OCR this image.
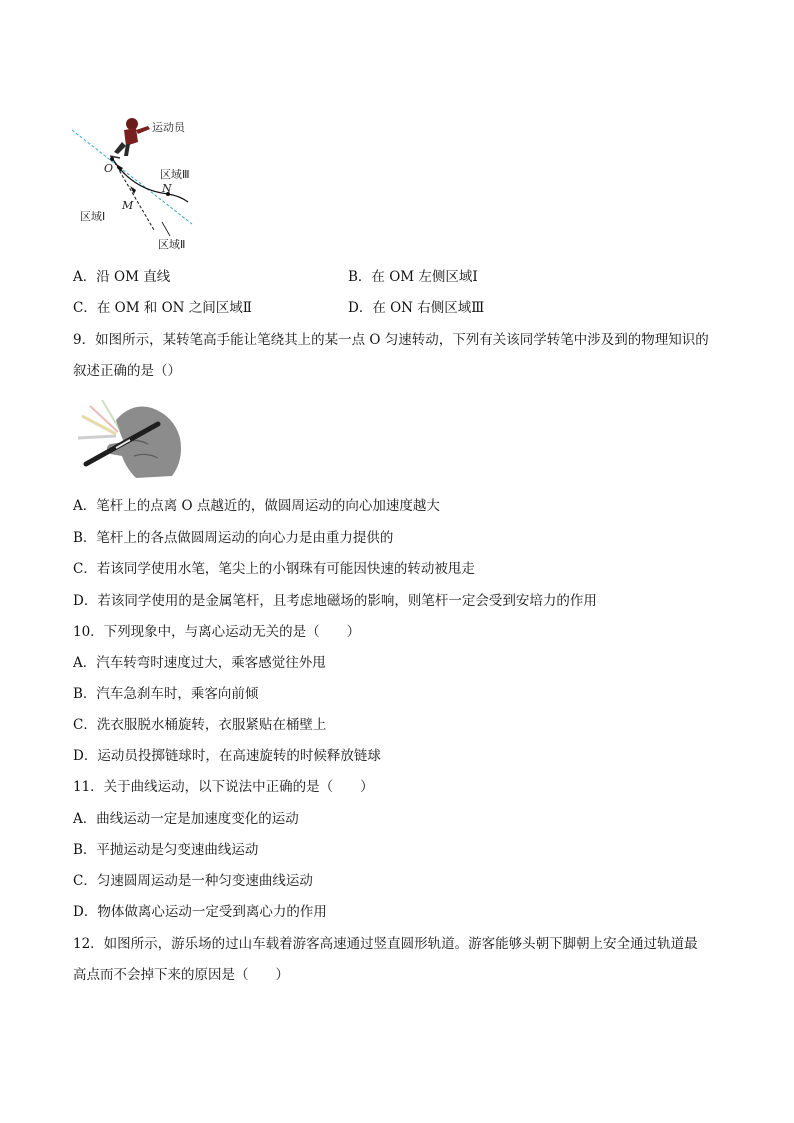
运动员
O	区域Ⅲ
N
M
区域Ⅰ
区域Ⅱ
A．沿 OM 直线	B．在 OM 左侧区域Ⅰ
C．在 OM 和 ON 之间区域Ⅱ	D．在 ON 右侧区域Ⅲ
9．如图所示，某转笔高手能让笔绕其上的某一点 O 匀速转动，下列有关该同学转笔中涉及到的物理知识的
叙述正确的是（）
A．笔杆上的点离 O 点越近的，做圆周运动的向心加速度越大
B．笔杆上的各点做圆周运动的向心力是由重力提供的
C．若该同学使用水笔，笔尖上的小钢珠有可能因快速的转动被甩走
D．若该同学使用的是金属笔杆，且考虑地磁场的影响，则笔杆一定会受到安培力的作用
10．下列现象中，与离心运动无关的是（　　）
A．汽车转弯时速度过大，乘客感觉往外甩
B．汽车急刹车时，乘客向前倾
C．洗衣服脱水桶旋转，衣服紧贴在桶壁上
D．运动员投掷链球时，在高速旋转的时候释放链球
11．关于曲线运动，以下说法中正确的是（　　）
A．曲线运动一定是加速度变化的运动
B．平抛运动是匀变速曲线运动
C．匀速圆周运动是一种匀变速曲线运动
D．物体做离心运动一定受到离心力的作用
12．如图所示，游乐场的过山车载着游客高速通过竖直圆形轨道。游客能够头朝下脚朝上安全通过轨道最
高点而不会掉下来的原因是（　　）
